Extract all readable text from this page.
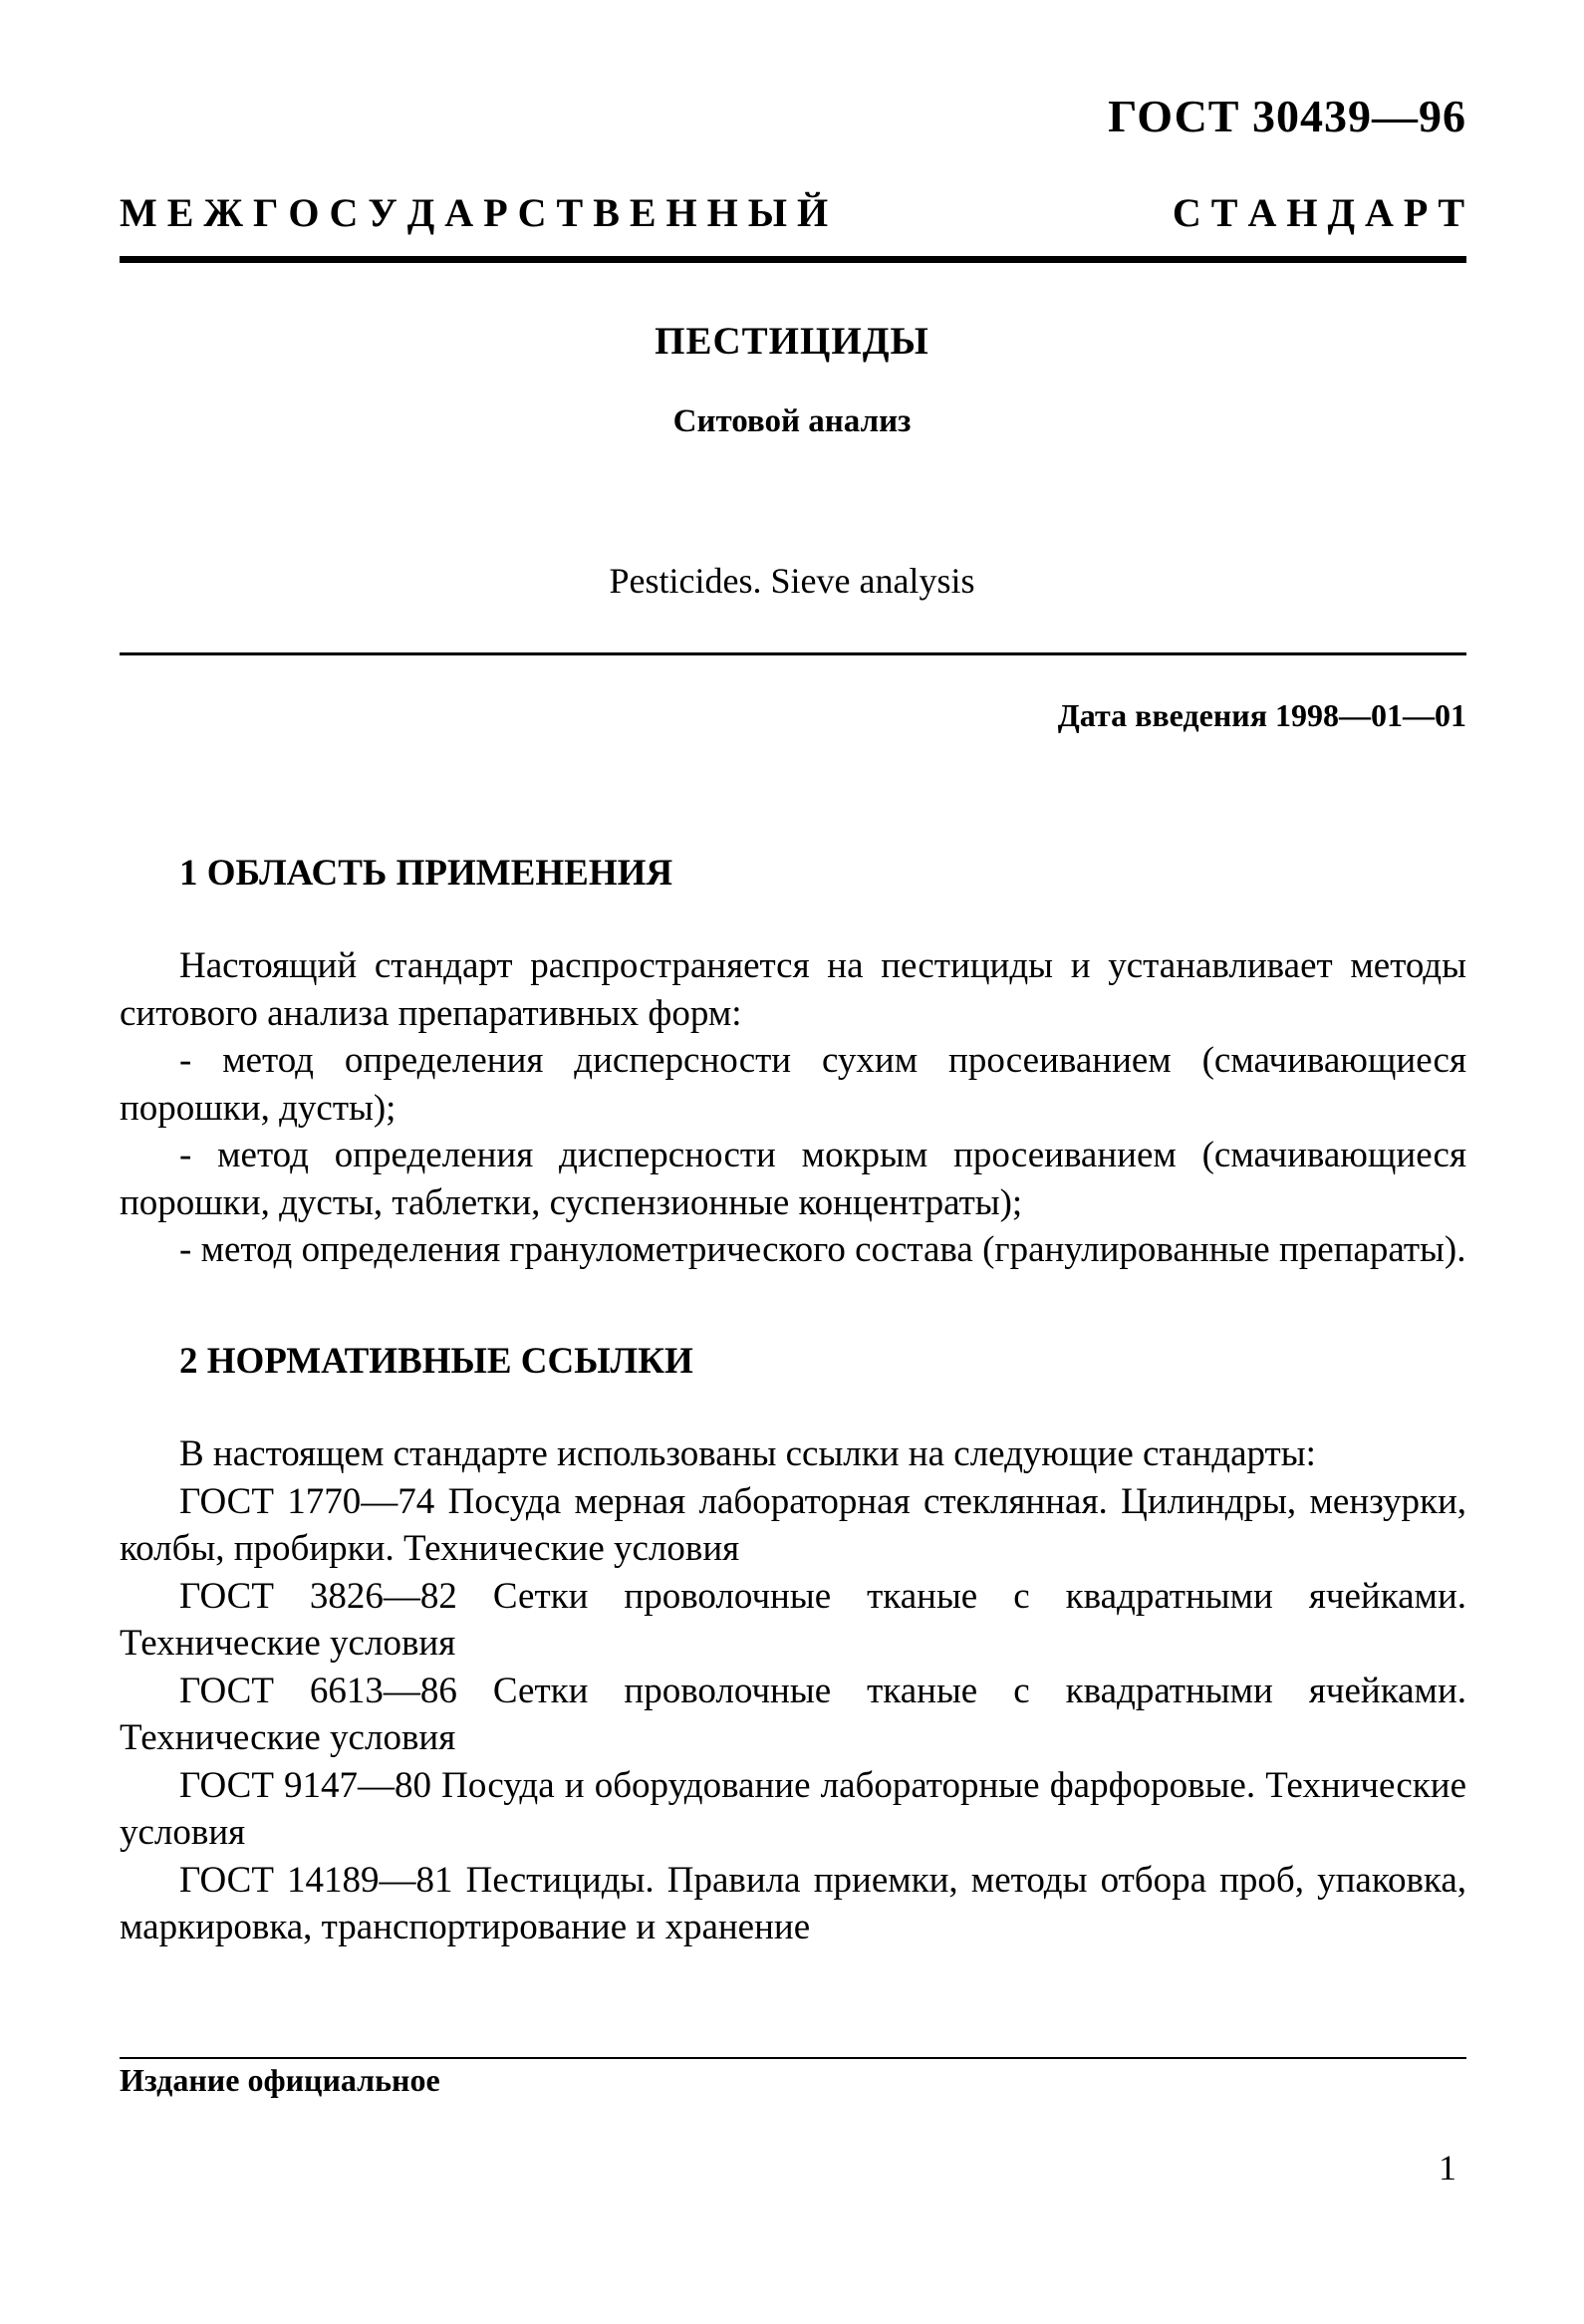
ГОСТ 30439—96
М Е Ж Г О С У Д А Р С Т В Е Н Н Ы Й	С Т А Н Д А Р Т
ПЕСТИЦИДЫ
Ситовой анализ
Pesticides. Sieve analysis
Дата введения 1998—01—01
1 ОБЛАСТЬ ПРИМЕНЕНИЯ

Настоящий стандарт распространяется на пестициды и устанавливает методы ситового анализа препаративных форм:

- метод определения дисперсности сухим просеиванием (смачивающиеся порошки, дусты);

- метод определения дисперсности мокрым просеиванием (смачивающиеся порошки, дусты, таблетки, суспензионные концентраты);

- метод определения гранулометрического состава (гранулированные препараты).

2 НОРМАТИВНЫЕ ССЫЛКИ

В настоящем стандарте использованы ссылки на следующие стандарты:

ГОСТ 1770—74 Посуда мерная лабораторная стеклянная. Цилиндры, мензурки, колбы, пробирки. Технические условия

ГОСТ 3826—82 Сетки проволочные тканые с квадратными ячейками. Технические условия

ГОСТ 6613—86 Сетки проволочные тканые с квадратными ячейками. Технические условия

ГОСТ 9147—80 Посуда и оборудование лабораторные фарфоровые. Технические условия

ГОСТ 14189—81 Пестициды. Правила приемки, методы отбора проб, упаковка, маркировка, транспортирование и хранение

Издание официальное
1
